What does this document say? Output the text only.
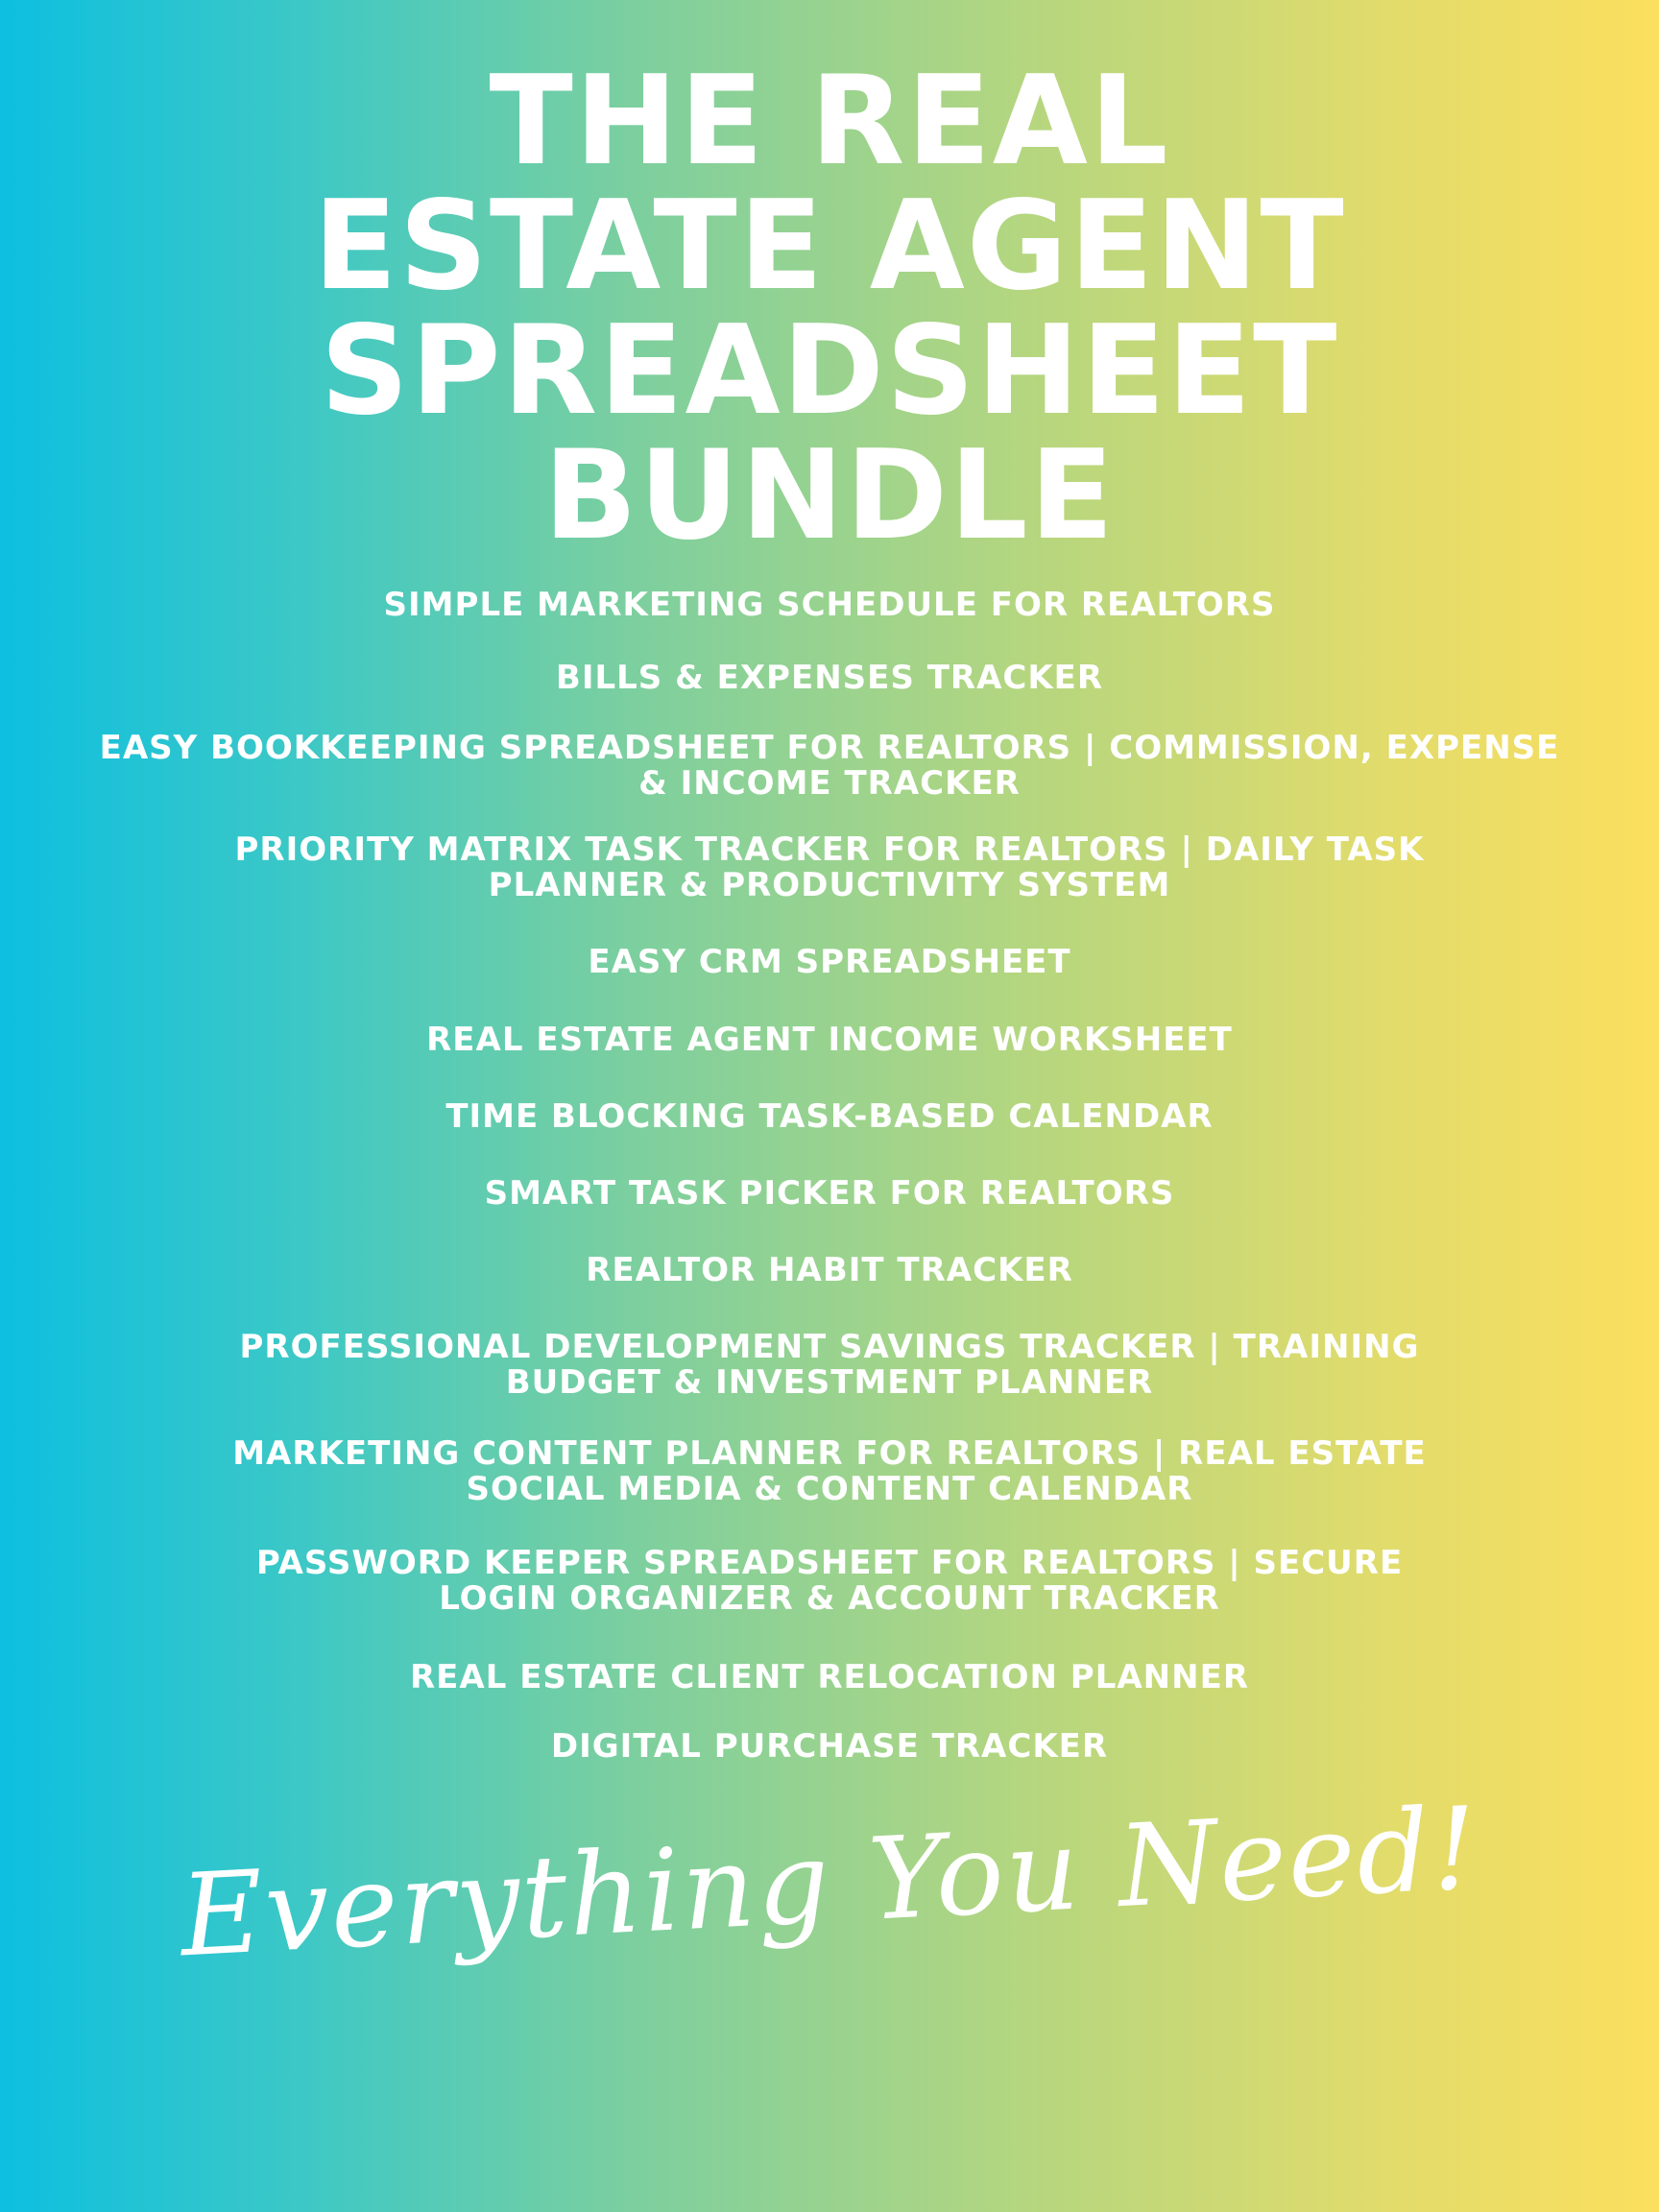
THE REAL
ESTATE AGENT
SPREADSHEET
BUNDLE

SIMPLE MARKETING SCHEDULE FOR REALTORS

BILLS & EXPENSES TRACKER

EASY BOOKKEEPING SPREADSHEET FOR REALTORS | COMMISSION, EXPENSE
& INCOME TRACKER

PRIORITY MATRIX TASK TRACKER FOR REALTORS | DAILY TASK
PLANNER & PRODUCTIVITY SYSTEM

EASY CRM SPREADSHEET

REAL ESTATE AGENT INCOME WORKSHEET

TIME BLOCKING TASK-BASED CALENDAR

SMART TASK PICKER FOR REALTORS

REALTOR HABIT TRACKER

PROFESSIONAL DEVELOPMENT SAVINGS TRACKER | TRAINING
BUDGET & INVESTMENT PLANNER

MARKETING CONTENT PLANNER FOR REALTORS | REAL ESTATE
SOCIAL MEDIA & CONTENT CALENDAR

PASSWORD KEEPER SPREADSHEET FOR REALTORS | SECURE
LOGIN ORGANIZER & ACCOUNT TRACKER

REAL ESTATE CLIENT RELOCATION PLANNER

DIGITAL PURCHASE TRACKER

Everything You Need!
